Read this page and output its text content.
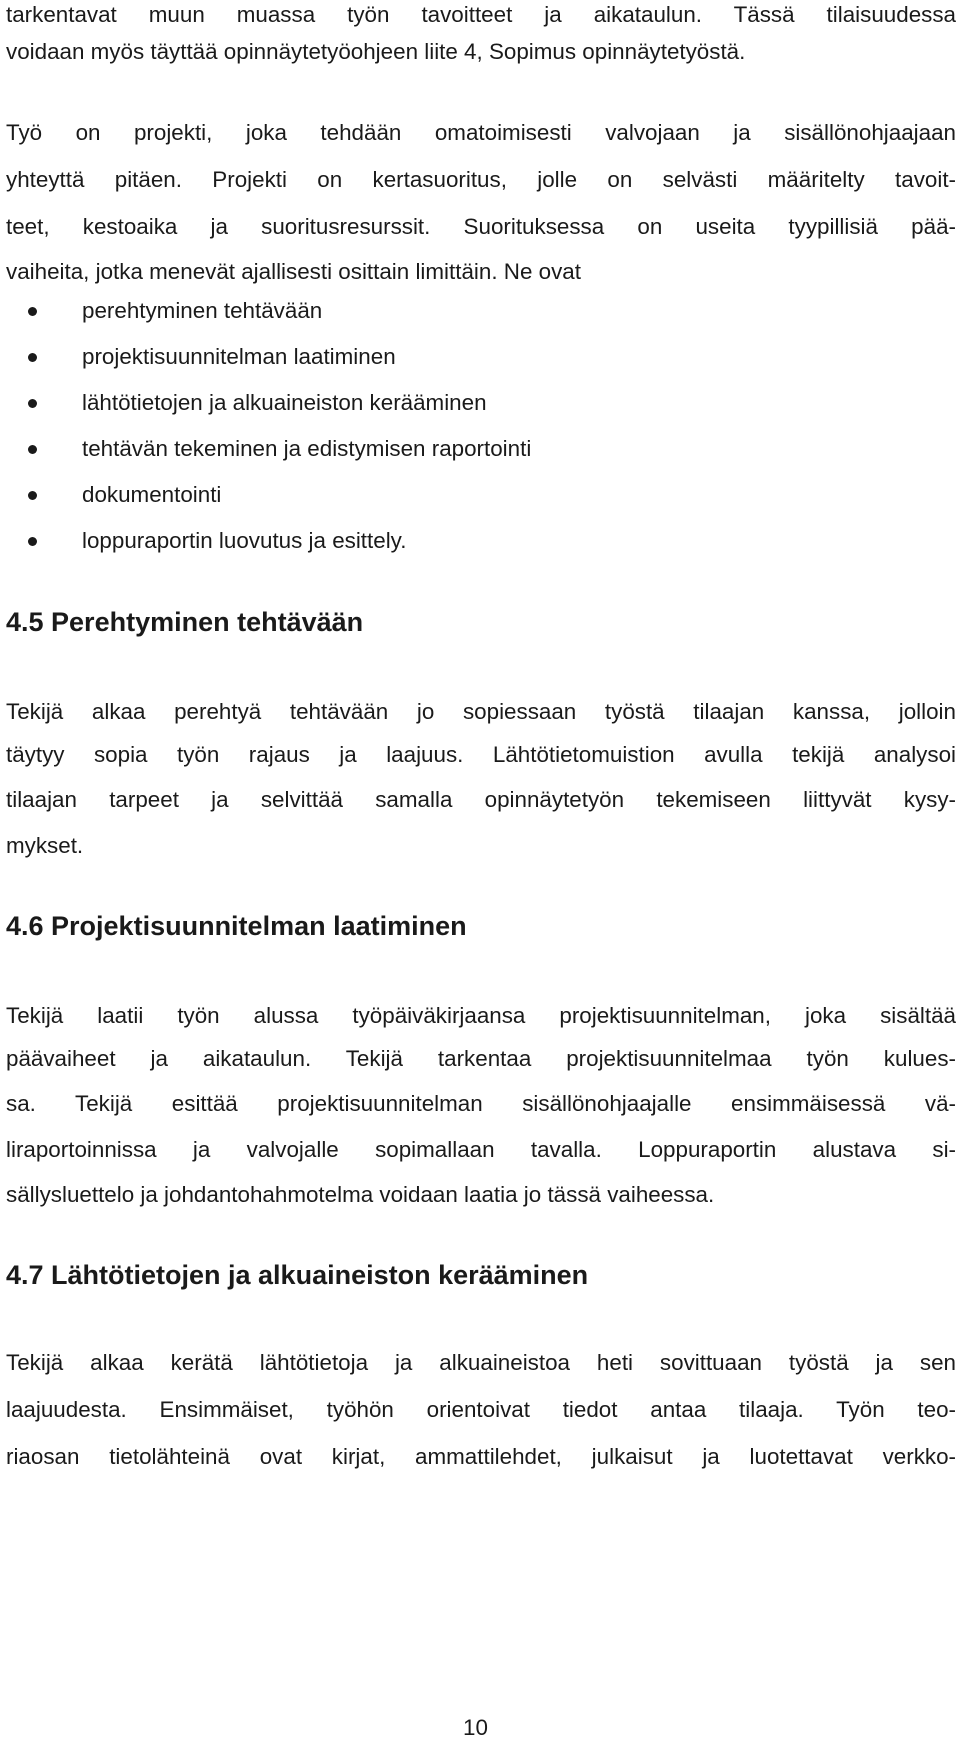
tarkentavat muun muassa työn tavoitteet ja aikataulun. Tässä tilaisuudessa

voidaan myös täyttää opinnäytetyöohjeen liite 4, Sopimus opinnäytetyöstä.

Työ on projekti, joka tehdään omatoimisesti valvojaan ja sisällönohjaajaan

yhteyttä pitäen. Projekti on kertasuoritus, jolle on selvästi määritelty tavoit-

teet, kestoaika ja suoritusresurssit. Suorituksessa on useita tyypillisiä pää-

vaiheita, jotka menevät ajallisesti osittain limittäin. Ne ovat

perehtyminen tehtävään

projektisuunnitelman laatiminen

lähtötietojen ja alkuaineiston kerääminen

tehtävän tekeminen ja edistymisen raportointi

dokumentointi

loppuraportin luovutus ja esittely.

4.5 Perehtyminen tehtävään

Tekijä alkaa perehtyä tehtävään jo sopiessaan työstä tilaajan kanssa, jolloin

täytyy sopia työn rajaus ja laajuus. Lähtötietomuistion avulla tekijä analysoi

tilaajan tarpeet ja selvittää samalla opinnäytetyön tekemiseen liittyvät kysy-

mykset.

4.6 Projektisuunnitelman laatiminen

Tekijä laatii työn alussa työpäiväkirjaansa projektisuunnitelman, joka sisältää

päävaiheet ja aikataulun. Tekijä tarkentaa projektisuunnitelmaa työn kulues-

sa. Tekijä esittää projektisuunnitelman sisällönohjaajalle ensimmäisessä vä-

liraportoinnissa ja valvojalle sopimallaan tavalla. Loppuraportin alustava si-

sällysluettelo ja johdantohahmotelma voidaan laatia jo tässä vaiheessa.

4.7 Lähtötietojen ja alkuaineiston kerääminen

Tekijä alkaa kerätä lähtötietoja ja alkuaineistoa heti sovittuaan työstä ja sen

laajuudesta. Ensimmäiset, työhön orientoivat tiedot antaa tilaaja. Työn teo-

riaosan tietolähteinä ovat kirjat, ammattilehdet, julkaisut ja luotettavat verkko-

10
